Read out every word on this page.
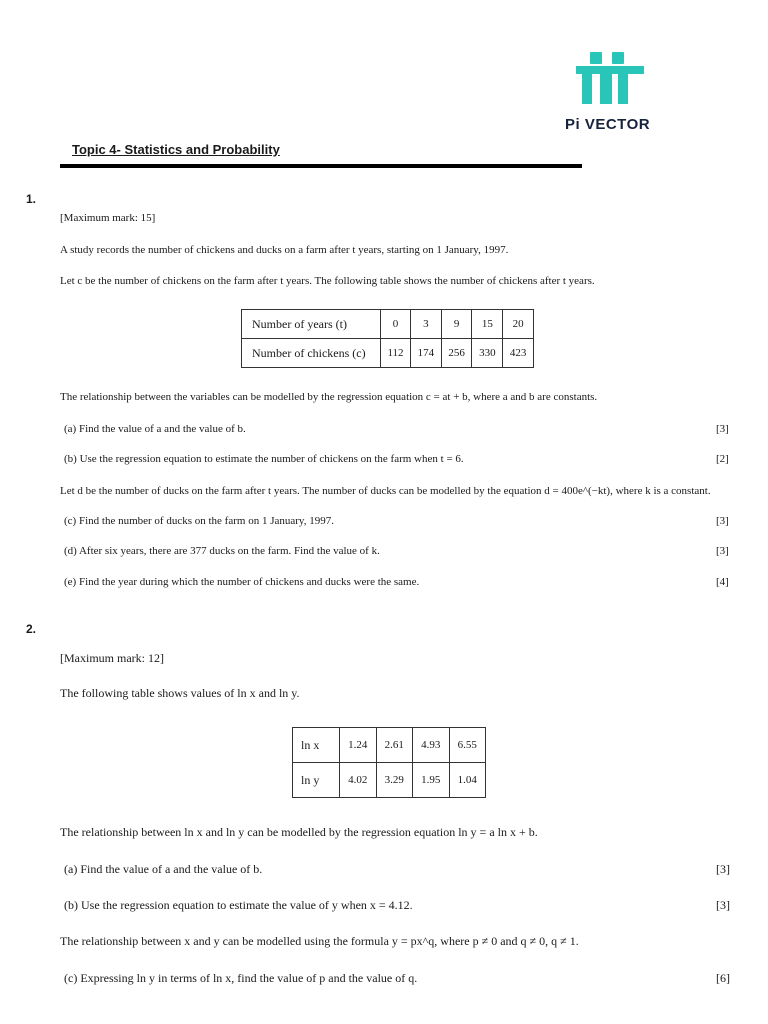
Pi VECTOR
Topic 4- Statistics and Probability
1.
[Maximum mark: 15]
A study records the number of chickens and ducks on a farm after t years, starting on 1 January, 1997.
Let c be the number of chickens on the farm after t years. The following table shows the number of chickens after t years.
Number of years (t)	0	3	9	15	20
Number of chickens (c)	112	174	256	330	423
The relationship between the variables can be modelled by the regression equation c = at + b, where a and b are constants.
(a) Find the value of a and the value of b.	[3]
(b) Use the regression equation to estimate the number of chickens on the farm when t = 6.	[2]
Let d be the number of ducks on the farm after t years. The number of ducks can be modelled by the equation d = 400e^(−kt), where k is a constant.
(c) Find the number of ducks on the farm on 1 January, 1997.	[3]
(d) After six years, there are 377 ducks on the farm. Find the value of k.	[3]
(e) Find the year during which the number of chickens and ducks were the same.	[4]
2.
[Maximum mark: 12]
The following table shows values of ln x and ln y.
ln x	1.24	2.61	4.93	6.55
ln y	4.02	3.29	1.95	1.04
The relationship between ln x and ln y can be modelled by the regression equation ln y = a ln x + b.
(a) Find the value of a and the value of b.	[3]
(b) Use the regression equation to estimate the value of y when x = 4.12.	[3]
The relationship between x and y can be modelled using the formula y = px^q, where p ≠ 0 and q ≠ 0, q ≠ 1.
(c) Expressing ln y in terms of ln x, find the value of p and the value of q.	[6]
